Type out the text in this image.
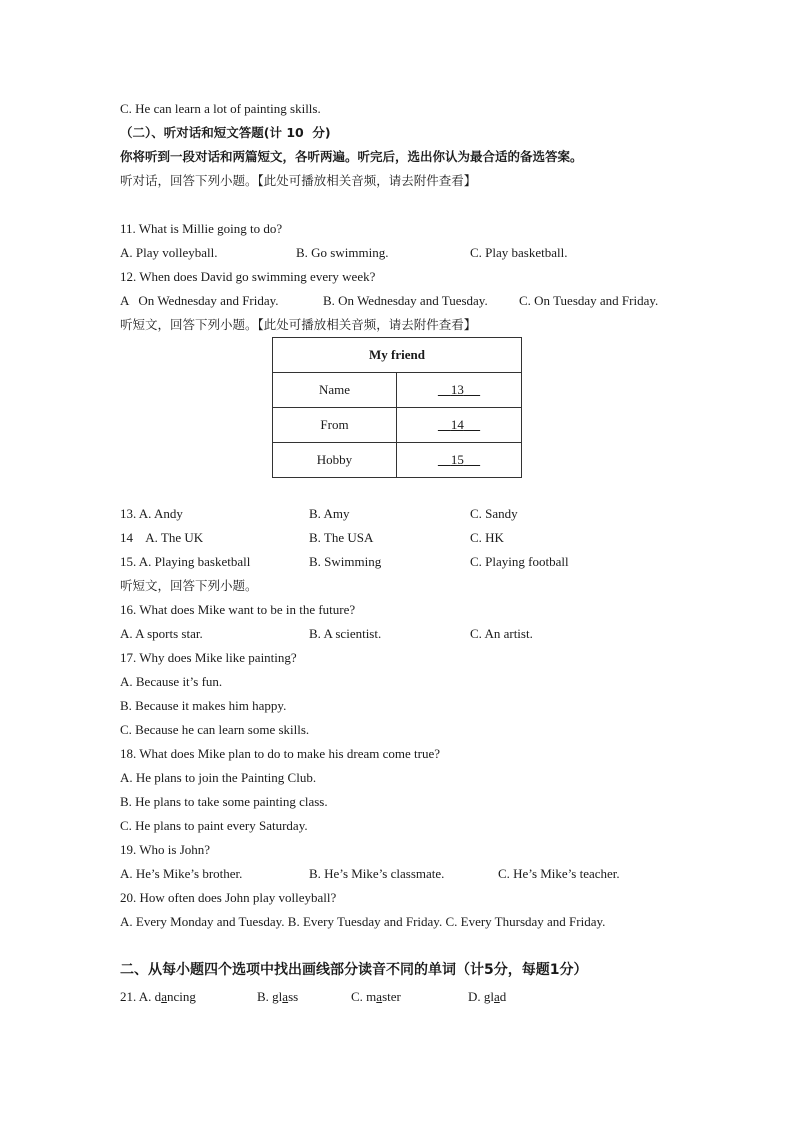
C. He can learn a lot of painting skills.
（二）、听对话和短文答题(计 10  分)
你将听到一段对话和两篇短文，各听两遍。听完后，选出你认为最合适的备选答案。
听对话，回答下列小题。【此处可播放相关音频，请去附件查看】
11. What is Millie going to do?
A. Play volleyball.	B. Go swimming.	C. Play basketball.
12. When does David go swimming every week?
A   On Wednesday and Friday.	B. On Wednesday and Tuesday. C. On Tuesday and Friday.
听短文，回答下列小题。【此处可播放相关音频，请去附件查看】
My friend	
Name	13
From	14
Hobby	15
13. A. Andy	B. Amy	C. Sandy
14    A. The UK	B. The USA	C. HK
15. A. Playing basketball	B. Swimming	C. Playing football
听短文，回答下列小题。
16. What does Mike want to be in the future?
A. A sports star.	B. A scientist.	C. An artist.
17. Why does Mike like painting?
A. Because it’s fun.
B. Because it makes him happy.
C. Because he can learn some skills.
18. What does Mike plan to do to make his dream come true?
A. He plans to join the Painting Club.
B. He plans to take some painting class.
C. He plans to paint every Saturday.
19. Who is John?
A. He’s Mike’s brother.	B. He’s Mike’s classmate.	C. He’s Mike’s teacher.
20. How often does John play volleyball?
A. Every Monday and Tuesday. B. Every Tuesday and Friday. C. Every Thursday and Friday.
二、从每小题四个选项中找出画线部分读音不同的单词（计5分，每题1分）
21. A. dancing	B. glass	C. master	D. glad
